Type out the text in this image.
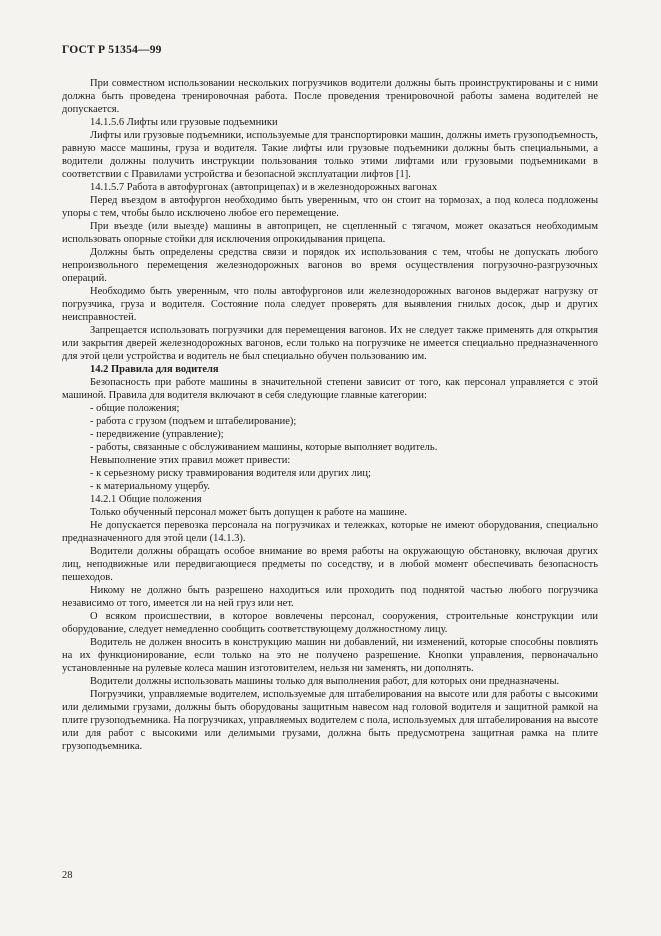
ГОСТ Р 51354—99

При совместном использовании нескольких погрузчиков водители должны быть проинструктированы и с ними должна быть проведена тренировочная работа. После проведения тренировочной работы замена водителей не допускается.

14.1.5.6 Лифты или грузовые подъемники

Лифты или грузовые подъемники, используемые для транспортировки машин, должны иметь грузоподъемность, равную массе машины, груза и водителя. Такие лифты или грузовые подъемники должны быть специальными, а водители должны получить инструкции пользования только этими лифтами или грузовыми подъемниками в соответствии с Правилами устройства и безопасной эксплуатации лифтов [1].

14.1.5.7 Работа в автофургонах (автоприцепах) и в железнодорожных вагонах

Перед въездом в автофургон необходимо быть уверенным, что он стоит на тормозах, а под колеса подложены упоры с тем, чтобы было исключено любое его перемещение.

При въезде (или выезде) машины в автоприцеп, не сцепленный с тягачом, может оказаться необходимым использовать опорные стойки для исключения опрокидывания прицепа.

Должны быть определены средства связи и порядок их использования с тем, чтобы не допускать любого непроизвольного перемещения железнодорожных вагонов во время осуществления погрузочно-разгрузочных операций.

Необходимо быть уверенным, что полы автофургонов или железнодорожных вагонов выдержат нагрузку от погрузчика, груза и водителя. Состояние пола следует проверять для выявления гнилых досок, дыр и других неисправностей.

Запрещается использовать погрузчики для перемещения вагонов. Их не следует также применять для открытия или закрытия дверей железнодорожных вагонов, если только на погрузчике не имеется специально предназначенного для этой цели устройства и водитель не был специально обучен пользованию им.

14.2 Правила для водителя

Безопасность при работе машины в значительной степени зависит от того, как персонал управляется с этой машиной. Правила для водителя включают в себя следующие главные категории:

- общие положения;

- работа с грузом (подъем и штабелирование);

- передвижение (управление);

- работы, связанные с обслуживанием машины, которые выполняет водитель.

Невыполнение этих правил может привести:

- к серьезному риску травмирования водителя или других лиц;

- к материальному ущербу.

14.2.1 Общие положения

Только обученный персонал может быть допущен к работе на машине.

Не допускается перевозка персонала на погрузчиках и тележках, которые не имеют оборудования, специально предназначенного для этой цели (14.1.3).

Водители должны обращать особое внимание во время работы на окружающую обстановку, включая других лиц, неподвижные или передвигающиеся предметы по соседству, и в любой момент обеспечивать безопасность пешеходов.

Никому не должно быть разрешено находиться или проходить под поднятой частью любого погрузчика независимо от того, имеется ли на ней груз или нет.

О всяком происшествии, в которое вовлечены персонал, сооружения, строительные конструкции или оборудование, следует немедленно сообщить соответствующему должностному лицу.

Водитель не должен вносить в конструкцию машин ни добавлений, ни изменений, которые способны повлиять на их функционирование, если только на это не получено разрешение. Кнопки управления, первоначально установленные на рулевые колеса машин изготовителем, нельзя ни заменять, ни дополнять.

Водители должны использовать машины только для выполнения работ, для которых они предназначены.

Погрузчики, управляемые водителем, используемые для штабелирования на высоте или для работы с высокими или делимыми грузами, должны быть оборудованы защитным навесом над головой водителя и защитной рамкой на плите грузоподъемника. На погрузчиках, управляемых водителем с пола, используемых для штабелирования на высоте или для работ с высокими или делимыми грузами, должна быть предусмотрена защитная рамка на плите грузоподъемника.

28
